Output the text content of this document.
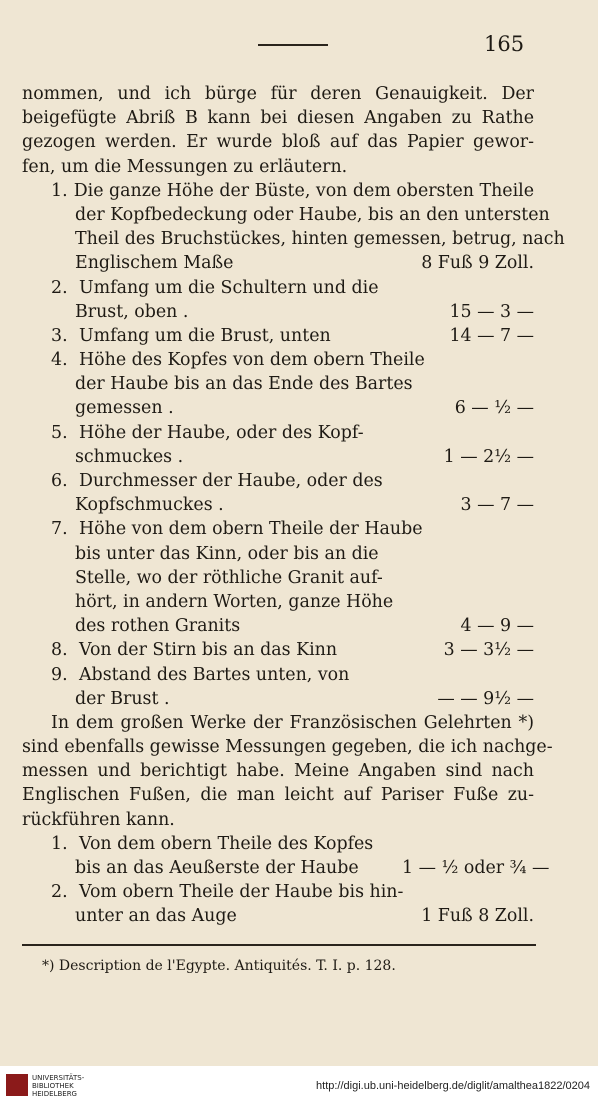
165
nommen, und ich bürge für deren Genauigkeit. Der
beigefügte Abriß B kann bei diesen Angaben zu Rathe
gezogen werden. Er wurde bloß auf das Papier gewor-
fen, um die Messungen zu erläutern.
1. Die ganze Höhe der Büste, von dem obersten Theile
der Kopfbedeckung oder Haube, bis an den untersten
Theil des Bruchstückes, hinten gemessen, betrug, nach
Englischem Maße	8 Fuß 9 Zoll.
2. Umfang um die Schultern und die
Brust, oben .	15 — 3 —
3. Umfang um die Brust, unten	14 — 7 —
4. Höhe des Kopfes von dem obern Theile
der Haube bis an das Ende des Bartes
gemessen .	6 — ½ —
5. Höhe der Haube, oder des Kopf-
schmuckes .	1 — 2½ —
6. Durchmesser der Haube, oder des
Kopfschmuckes .	3 — 7 —
7. Höhe von dem obern Theile der Haube
bis unter das Kinn, oder bis an die
Stelle, wo der röthliche Granit auf-
hört, in andern Worten, ganze Höhe
des rothen Granits	4 — 9 —
8. Von der Stirn bis an das Kinn	3 — 3½ —
9. Abstand des Bartes unten, von
der Brust .	— — 9½ —
In dem großen Werke der Französischen Gelehrten *)
sind ebenfalls gewisse Messungen gegeben, die ich nachge-
messen und berichtigt habe. Meine Angaben sind nach
Englischen Fußen, die man leicht auf Pariser Fuße zu-
rückführen kann.
1. Von dem obern Theile des Kopfes
bis an das Aeußerste der Haube	1 — ½ oder ¾ —
2. Vom obern Theile der Haube bis hin-
unter an das Auge	1 Fuß 8 Zoll.
*) Description de l'Egypte. Antiquités. T. I. p. 128.
UNIVERSITÄTS-
BIBLIOTHEK
HEIDELBERG
http://digi.ub.uni-heidelberg.de/diglit/amalthea1822/0204
